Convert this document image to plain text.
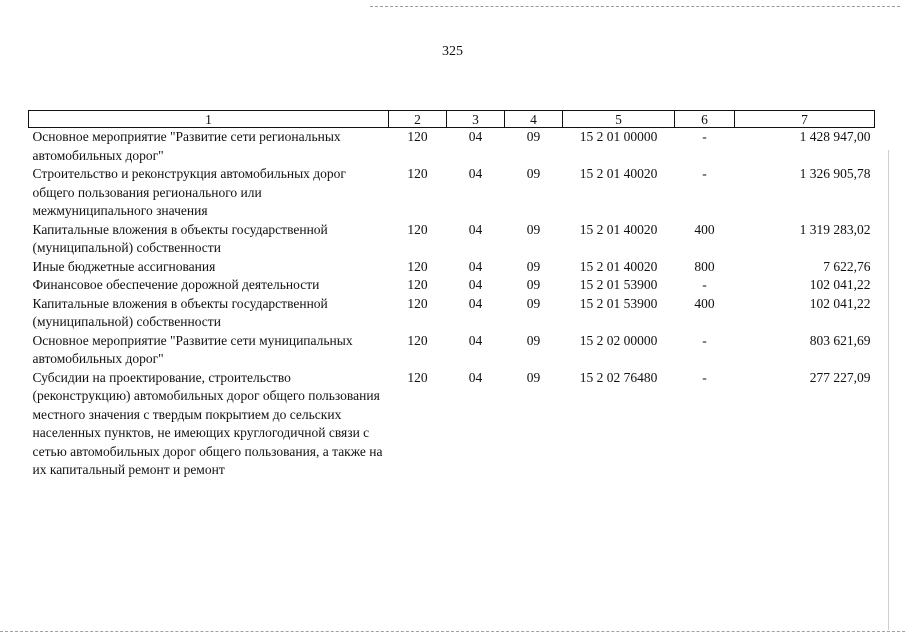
325
1	2	3	4	5	6	7
Основное мероприятие "Развитие сети региональных автомобильных дорог"	120	04	09	15 2 01 00000	-	1 428 947,00
Строительство и реконструкция автомобильных дорог общего пользования регионального или межмуниципального значения	120	04	09	15 2 01 40020	-	1 326 905,78
Капитальные вложения в объекты государственной (муниципальной) собственности	120	04	09	15 2 01 40020	400	1 319 283,02
Иные бюджетные ассигнования	120	04	09	15 2 01 40020	800	7 622,76
Финансовое обеспечение дорожной деятельности	120	04	09	15 2 01 53900	-	102 041,22
Капитальные вложения в объекты государственной (муниципальной) собственности	120	04	09	15 2 01 53900	400	102 041,22
Основное мероприятие "Развитие сети муниципальных автомобильных дорог"	120	04	09	15 2 02 00000	-	803 621,69
Субсидии на проектирование, строительство (реконструкцию) автомобильных дорог общего пользования местного значения с твердым покрытием до сельских населенных пунктов, не имеющих круглогодичной связи с сетью автомобильных дорог общего пользования, а также на их капитальный ремонт и ремонт	120	04	09	15 2 02 76480	-	277 227,09
